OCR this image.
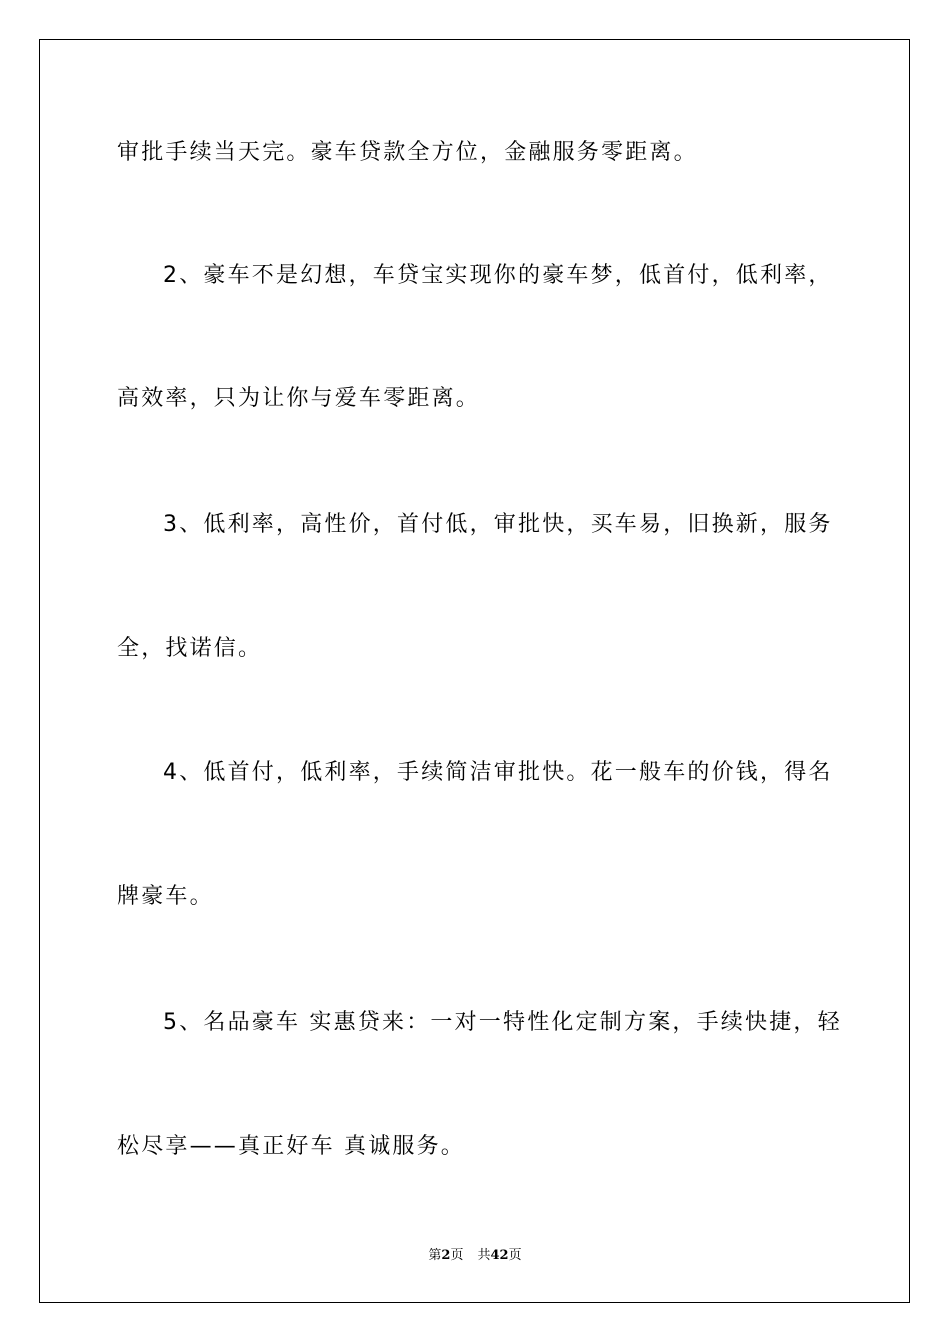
审批手续当天完。豪车贷款全方位，金融服务零距离。
2、豪车不是幻想，车贷宝实现你的豪车梦，低首付，低利率，
高效率，只为让你与爱车零距离。
3、低利率，高性价，首付低，审批快，买车易，旧换新，服务
全，找诺信。
4、低首付，低利率，手续简洁审批快。花一般车的价钱，得名
牌豪车。
5、名品豪车 实惠贷来：一对一特性化定制方案，手续快捷，轻
松尽享——真正好车 真诚服务。
第2页 共42页
